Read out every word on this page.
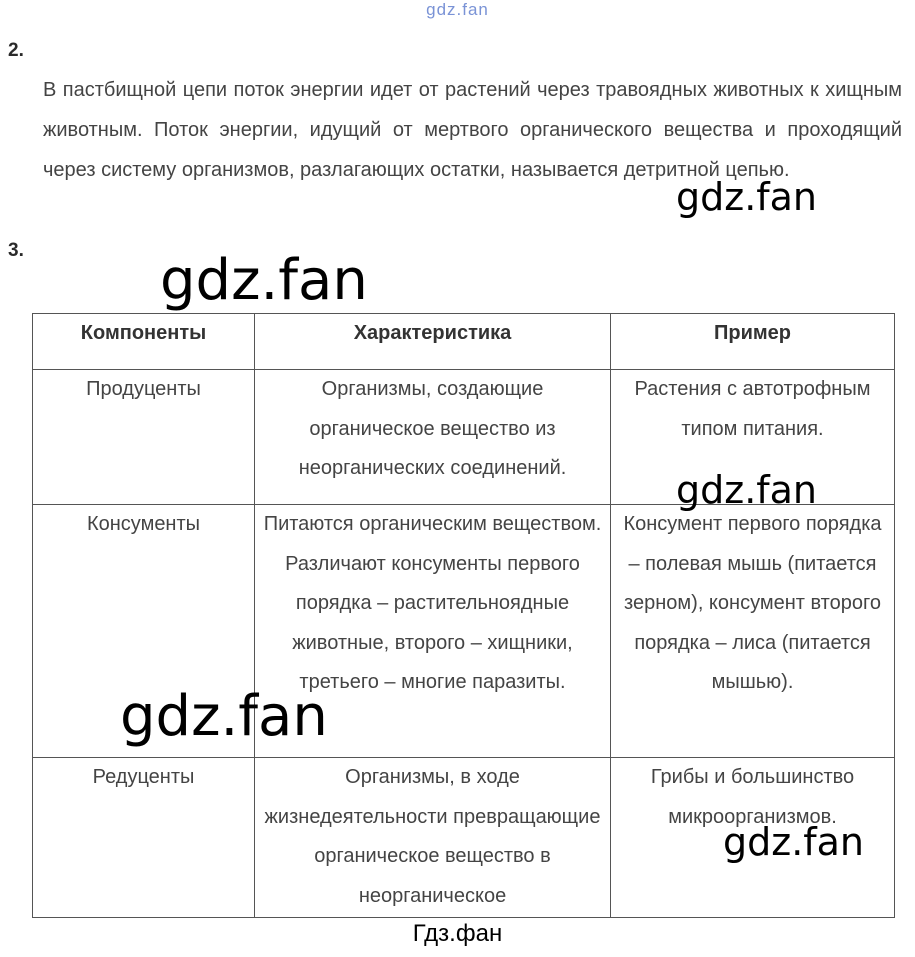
gdz.fan
2.
В пастбищной цепи поток энергии идет от растений через травоядных животных к хищным животным. Поток энергии, идущий от мертвого органического вещества и проходящий через систему организмов, разлагающих остатки, называется детритной цепью.
3.
Компоненты	Характеристика	Пример
Продуценты	Организмы, создающие органическое вещество из неорганических соединений.	Растения с автотрофным типом питания.
Консументы	Питаются органическим веществом. Различают консументы первого порядка – растительноядные животные, второго – хищники, третьего – многие паразиты.	Консумент первого порядка – полевая мышь (питается зерном), консумент второго порядка – лиса (питается мышью).
Редуценты	Организмы, в ходе жизнедеятельности превращающие органическое вещество в неорганическое	Грибы и большинство микроорганизмов.
gdz.fan
gdz.fan
gdz.fan
gdz.fan
gdz.fan
Гдз.фан
